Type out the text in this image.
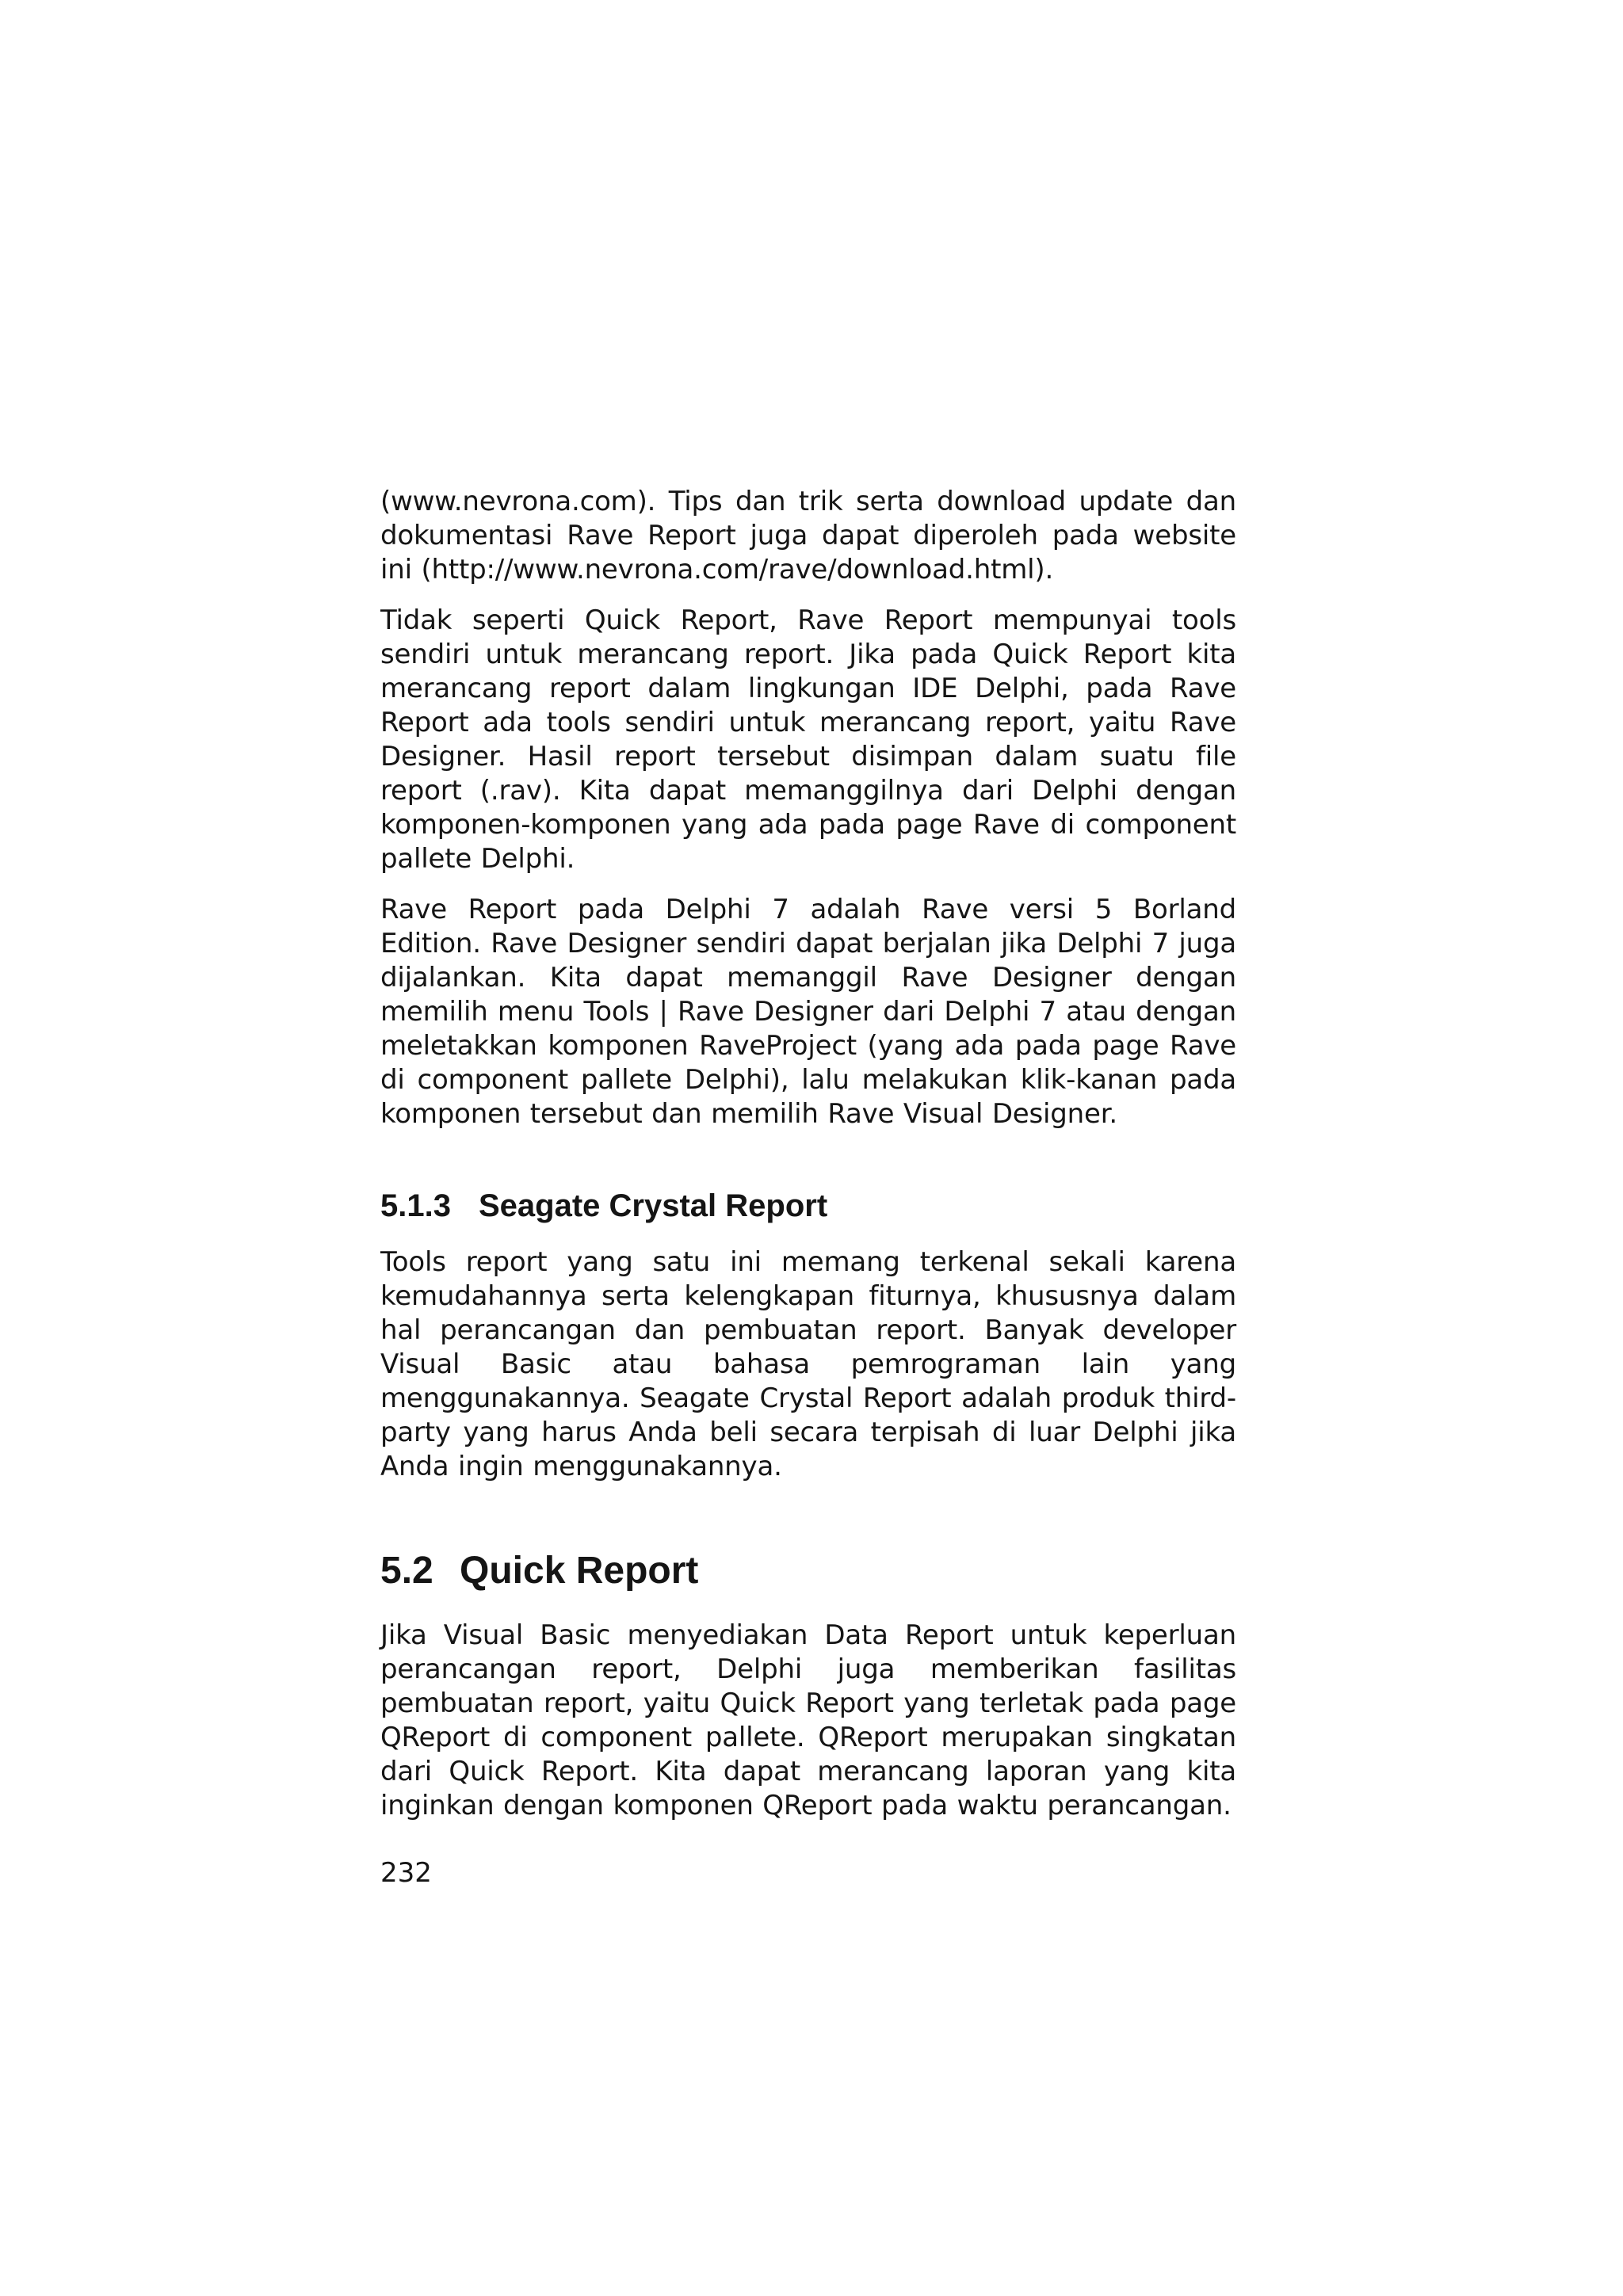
(www.nevrona.com). Tips dan trik serta download update dan dokumentasi Rave Report juga dapat diperoleh pada website ini (http://www.nevrona.com/rave/download.html).

Tidak seperti Quick Report, Rave Report mempunyai tools sendiri untuk merancang report. Jika pada Quick Report kita merancang report dalam lingkungan IDE Delphi, pada Rave Report ada tools sendiri untuk merancang report, yaitu Rave Designer. Hasil report tersebut disimpan dalam suatu file report (.rav). Kita dapat memanggilnya dari Delphi dengan komponen-komponen yang ada pada page Rave di component pallete Delphi.

Rave Report pada Delphi 7 adalah Rave versi 5 Borland Edition. Rave Designer sendiri dapat berjalan jika Delphi 7 juga dijalankan. Kita dapat memanggil Rave Designer dengan memilih menu Tools | Rave Designer dari Delphi 7 atau dengan meletakkan komponen RaveProject (yang ada pada page Rave di component pallete Delphi), lalu melakukan klik-kanan pada komponen tersebut dan memilih Rave Visual Designer.

5.1.3 Seagate Crystal Report

Tools report yang satu ini memang terkenal sekali karena kemudahannya serta kelengkapan fiturnya, khususnya dalam hal perancangan dan pembuatan report. Banyak developer Visual Basic atau bahasa pemrograman lain yang menggunakannya. Seagate Crystal Report adalah produk third-party yang harus Anda beli secara terpisah di luar Delphi jika Anda ingin menggunakannya.

5.2 Quick Report

Jika Visual Basic menyediakan Data Report untuk keperluan perancangan report, Delphi juga memberikan fasilitas pembuatan report, yaitu Quick Report yang terletak pada page QReport di component pallete. QReport merupakan singkatan dari Quick Report. Kita dapat merancang laporan yang kita inginkan dengan komponen QReport pada waktu perancangan.

232
